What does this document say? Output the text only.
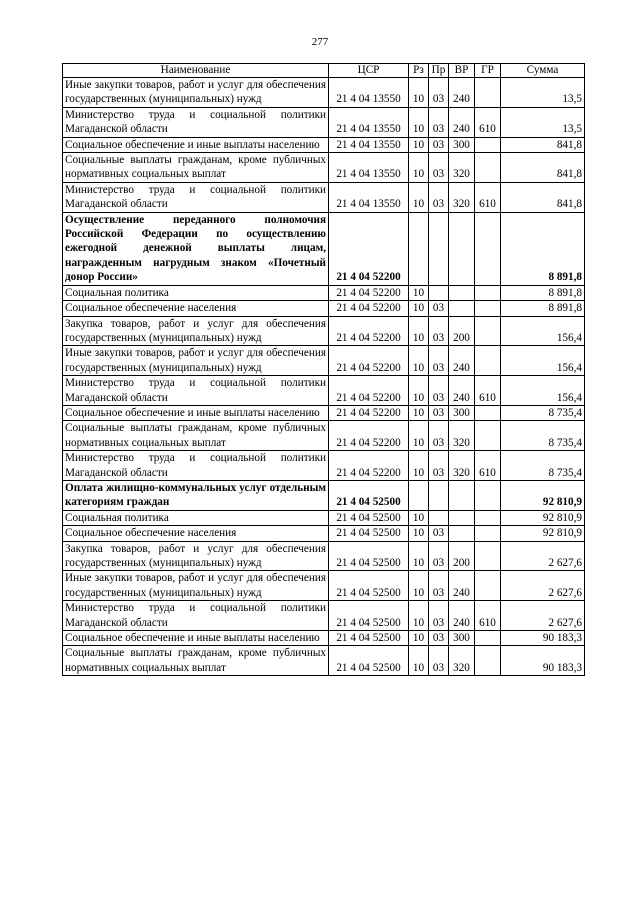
277
Наименование	ЦСР	Рз	Пр	ВР	ГР	Сумма
Иные закупки товаров, работ и услуг для обеспечения государственных (муниципальных) нужд	21 4 04 13550	10	03	240		13,5
Министерство труда и социальной политики Магаданской области	21 4 04 13550	10	03	240	610	13,5
Социальное обеспечение и иные выплаты населению	21 4 04 13550	10	03	300		841,8
Социальные выплаты гражданам, кроме публичных нормативных социальных выплат	21 4 04 13550	10	03	320		841,8
Министерство труда и социальной политики Магаданской области	21 4 04 13550	10	03	320	610	841,8
Осуществление переданного полномочия Российской Федерации по осуществлению ежегодной денежной выплаты лицам, награжденным нагрудным знаком «Почетный донор России»	21 4 04 52200					8 891,8
Социальная политика	21 4 04 52200	10				8 891,8
Социальное обеспечение населения	21 4 04 52200	10	03			8 891,8
Закупка товаров, работ и услуг для обеспечения государственных (муниципальных) нужд	21 4 04 52200	10	03	200		156,4
Иные закупки товаров, работ и услуг для обеспечения государственных (муниципальных) нужд	21 4 04 52200	10	03	240		156,4
Министерство труда и социальной политики Магаданской области	21 4 04 52200	10	03	240	610	156,4
Социальное обеспечение и иные выплаты населению	21 4 04 52200	10	03	300		8 735,4
Социальные выплаты гражданам, кроме публичных нормативных социальных выплат	21 4 04 52200	10	03	320		8 735,4
Министерство труда и социальной политики Магаданской области	21 4 04 52200	10	03	320	610	8 735,4
Оплата жилищно-коммунальных услуг отдельным категориям граждан	21 4 04 52500					92 810,9
Социальная политика	21 4 04 52500	10				92 810,9
Социальное обеспечение населения	21 4 04 52500	10	03			92 810,9
Закупка товаров, работ и услуг для обеспечения государственных (муниципальных) нужд	21 4 04 52500	10	03	200		2 627,6
Иные закупки товаров, работ и услуг для обеспечения государственных (муниципальных) нужд	21 4 04 52500	10	03	240		2 627,6
Министерство труда и социальной политики Магаданской области	21 4 04 52500	10	03	240	610	2 627,6
Социальное обеспечение и иные выплаты населению	21 4 04 52500	10	03	300		90 183,3
Социальные выплаты гражданам, кроме публичных нормативных социальных выплат	21 4 04 52500	10	03	320		90 183,3
